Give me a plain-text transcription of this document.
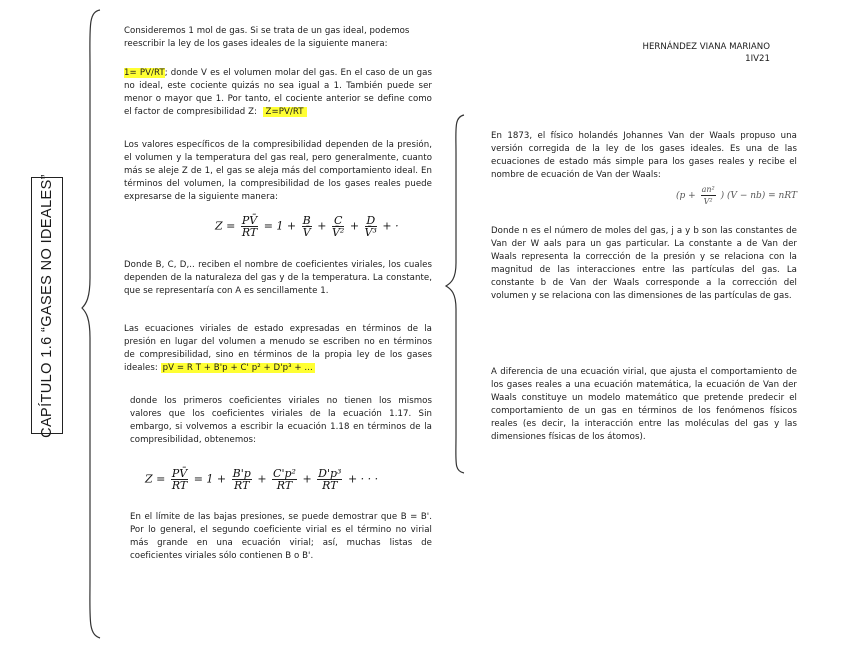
CAPÍTULO 1.6 “GASES NO IDEALES”
HERNÁNDEZ VIANA MARIANO
1IV21

Consideremos 1 mol de gas. Si se trata de un gas ideal, podemos reescribir la ley de los gases ideales de la siguiente manera:

1= PV/RT; donde V es el volumen molar del gas. En el caso de un gas no ideal, este cociente quizás no sea igual a 1. También puede ser menor o mayor que 1. Por tanto, el cociente anterior se define como el factor de compresibilidad Z: Z=PV/RT

Los valores específicos de la compresibilidad dependen de la presión, el volumen y la temperatura del gas real, pero generalmente, cuanto más se aleje Z de 1, el gas se aleja más del comportamiento ideal. En términos del volumen, la compresibilidad de los gases reales puede expresarse de la siguiente manera:

$Z = \frac{PV̄}{RT} = 1 + \frac{B}{V̄} + \frac{C}{\text{V̄²}} + \frac{D}{\text{V̄³}}$ + ·

Donde B, C, D,.. reciben el nombre de coeficientes viriales, los cuales dependen de la naturaleza del gas y de la temperatura. La constante, que se representaría con A es sencillamente 1.

Las ecuaciones viriales de estado expresadas en términos de la presión en lugar del volumen a menudo se escriben no en términos de compresibilidad, sino en términos de la propia ley de los gases ideales: pV = R T + B'p + C' p² + D'p³ + ...

donde los primeros coeficientes viriales no tienen los mismos valores que los coeficientes viriales de la ecuación 1.17. Sin embargo, si volvemos a escribir la ecuación 1.18 en términos de la compresibilidad, obtenemos:

$Z = \frac{PV̄}{RT} = 1 + \frac{B'p}{RT} + \frac{\text{C'p²}}{RT} + \frac{\text{D'p³}}{RT}$ + · · ·

En el límite de las bajas presiones, se puede demostrar que B = B'. Por lo general, el segundo coeficiente virial es el término no virial más grande en una ecuación virial; así, muchas listas de coeficientes viriales sólo contienen B o B'.

En 1873, el físico holandés Johannes Van der Waals propuso una versión corregida de la ley de los gases ideales. Es una de las ecuaciones de estado más simple para los gases reales y recibe el nombre de ecuación de Van der Waals:

($p + \frac{\text{an²}}{\text{V²}}$ ) (V − nb) = nRT

Donde n es el número de moles del gas, j a y b son las constantes de Van der W aals para un gas particular. La constante a de Van der Waals representa la corrección de la presión y se relaciona con la magnitud de las interacciones entre las partículas del gas. La constante b de Van der Waals corresponde a la corrección del volumen y se relaciona con las dimensiones de las partículas de gas.

A diferencia de una ecuación virial, que ajusta el comportamiento de los gases reales a una ecuación matemática, la ecuación de Van der Waals constituye un modelo matemático que pretende predecir el comportamiento de un gas en términos de los fenómenos físicos reales (es decir, la interacción entre las moléculas del gas y las dimensiones físicas de los átomos).
